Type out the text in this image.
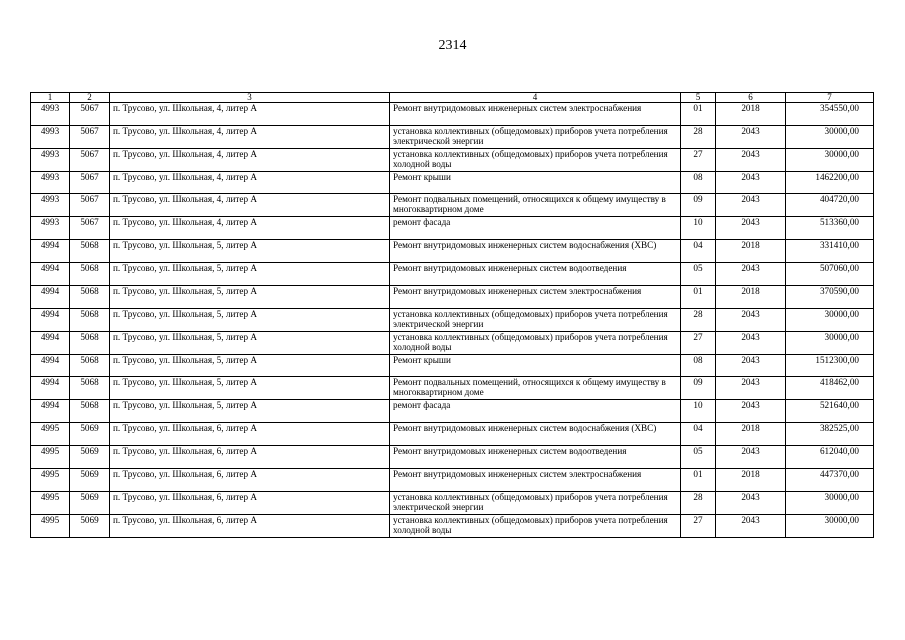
2314
1	2	3	4	5	6	7
4993	5067	п. Трусово, ул. Школьная, 4, литер А	Ремонт внутридомовых инженерных систем электроснабжения	01	2018	354550,00
4993	5067	п. Трусово, ул. Школьная, 4, литер А	установка коллективных (общедомовых) приборов учета потребления электрической энергии	28	2043	30000,00
4993	5067	п. Трусово, ул. Школьная, 4, литер А	установка коллективных (общедомовых) приборов учета потребления холодной воды	27	2043	30000,00
4993	5067	п. Трусово, ул. Школьная, 4, литер А	Ремонт крыши	08	2043	1462200,00
4993	5067	п. Трусово, ул. Школьная, 4, литер А	Ремонт подвальных помещений, относящихся к общему имуществу в многоквартирном доме	09	2043	404720,00
4993	5067	п. Трусово, ул. Школьная, 4, литер А	ремонт фасада	10	2043	513360,00
4994	5068	п. Трусово, ул. Школьная, 5, литер А	Ремонт внутридомовых инженерных систем водоснабжения (ХВС)	04	2018	331410,00
4994	5068	п. Трусово, ул. Школьная, 5, литер А	Ремонт внутридомовых инженерных систем водоотведения	05	2043	507060,00
4994	5068	п. Трусово, ул. Школьная, 5, литер А	Ремонт внутридомовых инженерных систем электроснабжения	01	2018	370590,00
4994	5068	п. Трусово, ул. Школьная, 5, литер А	установка коллективных (общедомовых) приборов учета потребления электрической энергии	28	2043	30000,00
4994	5068	п. Трусово, ул. Школьная, 5, литер А	установка коллективных (общедомовых) приборов учета потребления холодной воды	27	2043	30000,00
4994	5068	п. Трусово, ул. Школьная, 5, литер А	Ремонт крыши	08	2043	1512300,00
4994	5068	п. Трусово, ул. Школьная, 5, литер А	Ремонт подвальных помещений, относящихся к общему имуществу в многоквартирном доме	09	2043	418462,00
4994	5068	п. Трусово, ул. Школьная, 5, литер А	ремонт фасада	10	2043	521640,00
4995	5069	п. Трусово, ул. Школьная, 6, литер А	Ремонт внутридомовых инженерных систем водоснабжения (ХВС)	04	2018	382525,00
4995	5069	п. Трусово, ул. Школьная, 6, литер А	Ремонт внутридомовых инженерных систем водоотведения	05	2043	612040,00
4995	5069	п. Трусово, ул. Школьная, 6, литер А	Ремонт внутридомовых инженерных систем электроснабжения	01	2018	447370,00
4995	5069	п. Трусово, ул. Школьная, 6, литер А	установка коллективных (общедомовых) приборов учета потребления электрической энергии	28	2043	30000,00
4995	5069	п. Трусово, ул. Школьная, 6, литер А	установка коллективных (общедомовых) приборов учета потребления холодной воды	27	2043	30000,00
